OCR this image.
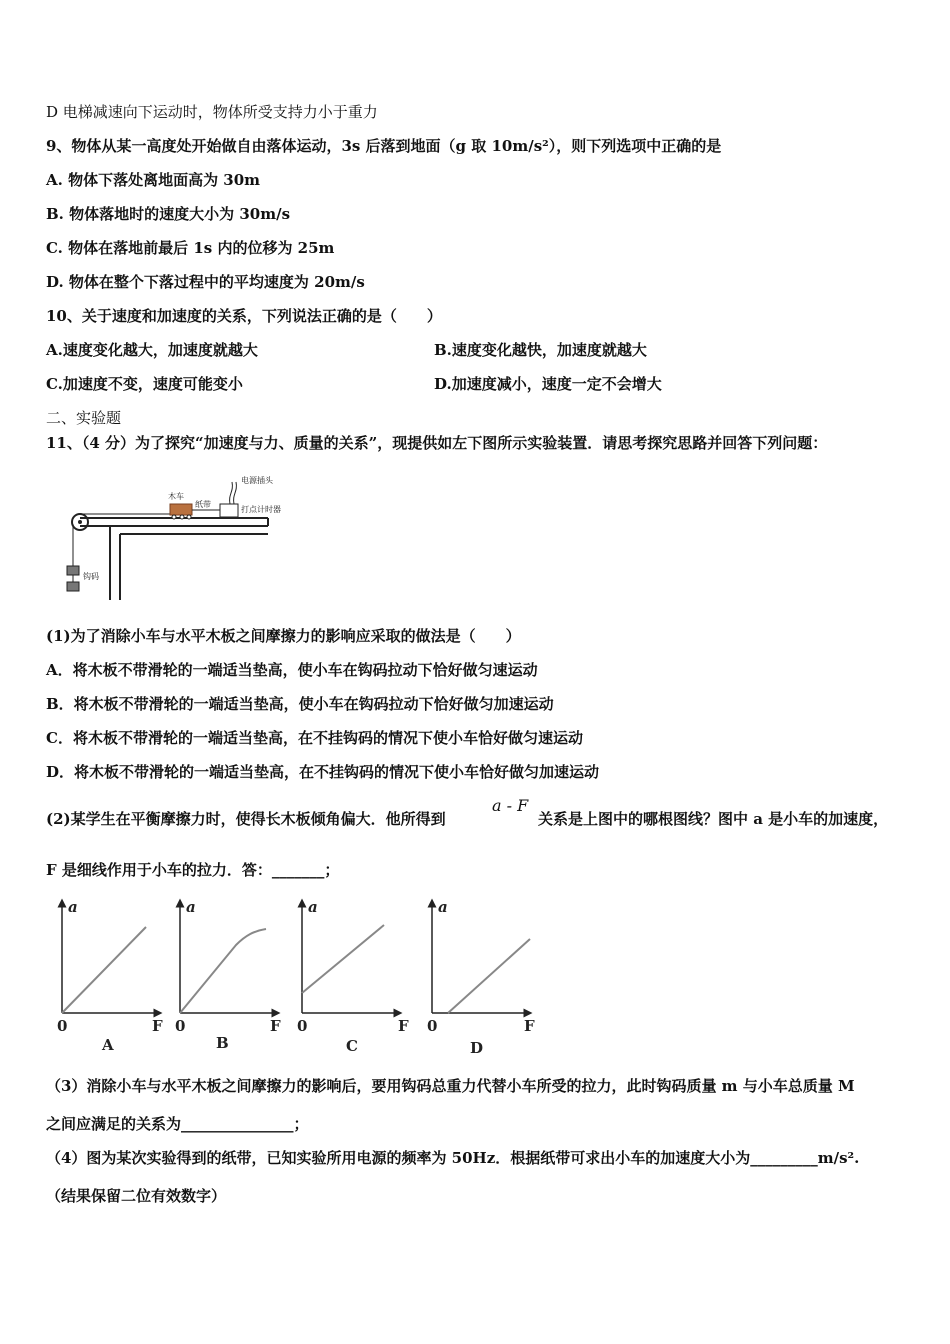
D 电梯减速向下运动时，物体所受支持力小于重力
9、物体从某一高度处开始做自由落体运动，3s 后落到地面（g 取 10m/s²），则下列选项中正确的是
A. 物体下落处离地面高为 30m
B. 物体落地时的速度大小为 30m/s
C. 物体在落地前最后 1s 内的位移为 25m
D. 物体在整个下落过程中的平均速度为 20m/s
10、关于速度和加速度的关系，下列说法正确的是（　　）
A.速度变化越大，加速度就越大	B.速度变化越快，加速度就越大
C.加速度不变，速度可能变小	D.加速度减小，速度一定不会增大
二、实验题
11、（4 分）为了探究“加速度与力、质量的关系”，现提供如左下图所示实验装置．请思考探究思路并回答下列问题：
木车
纸带
电源插头
打点计时器
钩码
(1)为了消除小车与水平木板之间摩擦力的影响应采取的做法是（　　）
A．将木板不带滑轮的一端适当垫高，使小车在钩码拉动下恰好做匀速运动
B．将木板不带滑轮的一端适当垫高，使小车在钩码拉动下恰好做匀加速运动
C．将木板不带滑轮的一端适当垫高，在不挂钩码的情况下使小车恰好做匀速运动
D．将木板不带滑轮的一端适当垫高，在不挂钩码的情况下使小车恰好做匀加速运动
(2)某学生在平衡摩擦力时，使得长木板倾角偏大．他所得到
a - F
关系是上图中的哪根图线？图中 a 是小车的加速度，
F 是细线作用于小车的拉力．答：_______；
a
0	F
A
a
0	F
B
a
0	F
C
a
0	F
D
（3）消除小车与水平木板之间摩擦力的影响后，要用钩码总重力代替小车所受的拉力，此时钩码质量 m 与小车总质量 M
之间应满足的关系为_______________；
（4）图为某次实验得到的纸带，已知实验所用电源的频率为 50Hz．根据纸带可求出小车的加速度大小为_________m/s².
（结果保留二位有效数字）
